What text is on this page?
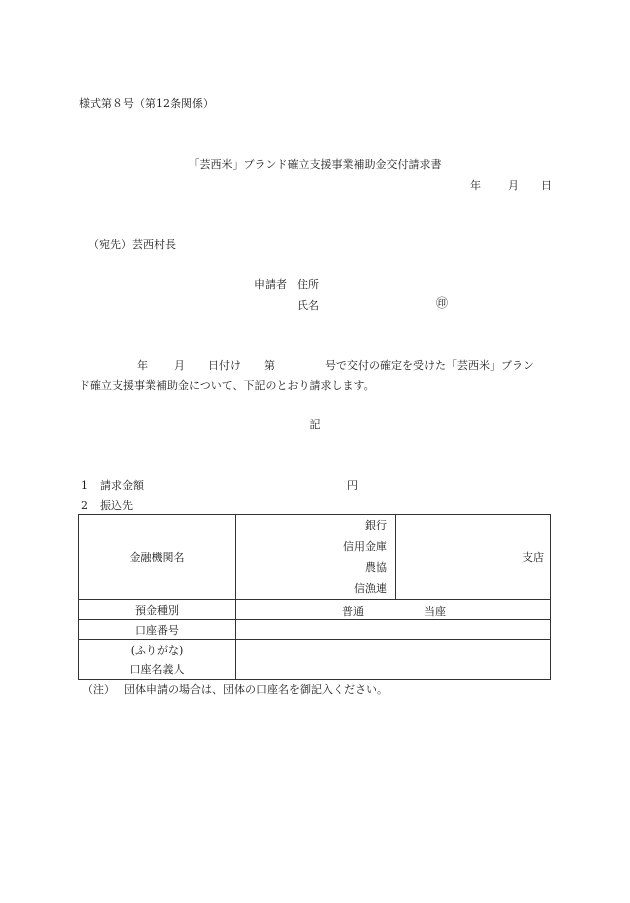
様式第８号（第12条関係）
「芸西米」ブランド確立支援事業補助金交付請求書
年 月 日
（宛先）芸西村長
申請者 住所
氏名	㊞
年 月 日付け 第	号で交付の確定を受けた「芸西米」ブラン
ド確立支援事業補助金について、下記のとおり請求します。
記
1 請求金額	円
2 振込先
金融機関名	銀行
信用金庫
農協
信漁連	支店
預金種別	普通 当座	

口座番号		

(ふりがな)
口座名義人		

（注） 団体申請の場合は、団体の口座名を御記入ください。
